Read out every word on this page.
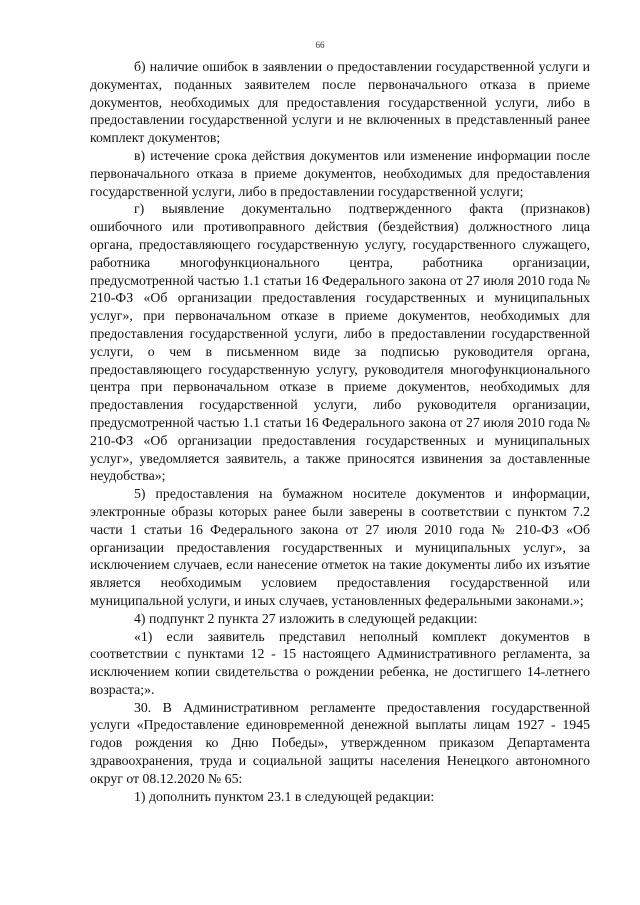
66

б) наличие ошибок в заявлении о предоставлении государственной услуги и документах, поданных заявителем после первоначального отказа в приеме документов, необходимых для предоставления государственной услуги, либо в предоставлении государственной услуги и не включенных в представленный ранее комплект документов;

в) истечение срока действия документов или изменение информации после первоначального отказа в приеме документов, необходимых для предоставления государственной услуги, либо в предоставлении государственной услуги;

г) выявление документально подтвержденного факта (признаков) ошибочного или противоправного действия (бездействия) должностного лица органа, предоставляющего государственную услугу, государственного служащего, работника многофункционального центра, работника организации, предусмотренной частью 1.1 статьи 16 Федерального закона от 27 июля 2010 года № 210-ФЗ «Об организации предоставления государственных и муниципальных услуг», при первоначальном отказе в приеме документов, необходимых для предоставления государственной услуги, либо в предоставлении государственной услуги, о чем в письменном виде за подписью руководителя органа, предоставляющего государственную услугу, руководителя многофункционального центра при первоначальном отказе в приеме документов, необходимых для предоставления государственной услуги, либо руководителя организации, предусмотренной частью 1.1 статьи 16 Федерального закона от 27 июля 2010 года № 210-ФЗ «Об организации предоставления государственных и муниципальных услуг», уведомляется заявитель, а также приносятся извинения за доставленные неудобства»;

5) предоставления на бумажном носителе документов и информации, электронные образы которых ранее были заверены в соответствии с пунктом 7.2 части 1 статьи 16 Федерального закона от 27 июля 2010 года № 210-ФЗ «Об организации предоставления государственных и муниципальных услуг», за исключением случаев, если нанесение отметок на такие документы либо их изъятие является необходимым условием предоставления государственной или муниципальной услуги, и иных случаев, установленных федеральными законами.»;

4) подпункт 2 пункта 27 изложить в следующей редакции:

«1) если заявитель представил неполный комплект документов в соответствии с пунктами 12 - 15 настоящего Административного регламента, за исключением копии свидетельства о рождении ребенка, не достигшего 14-летнего возраста;».

30. В Административном регламенте предоставления государственной услуги «Предоставление единовременной денежной выплаты лицам 1927 - 1945 годов рождения ко Дню Победы», утвержденном приказом Департамента здравоохранения, труда и социальной защиты населения Ненецкого автономного округ от 08.12.2020 № 65:

1) дополнить пунктом 23.1 в следующей редакции:
